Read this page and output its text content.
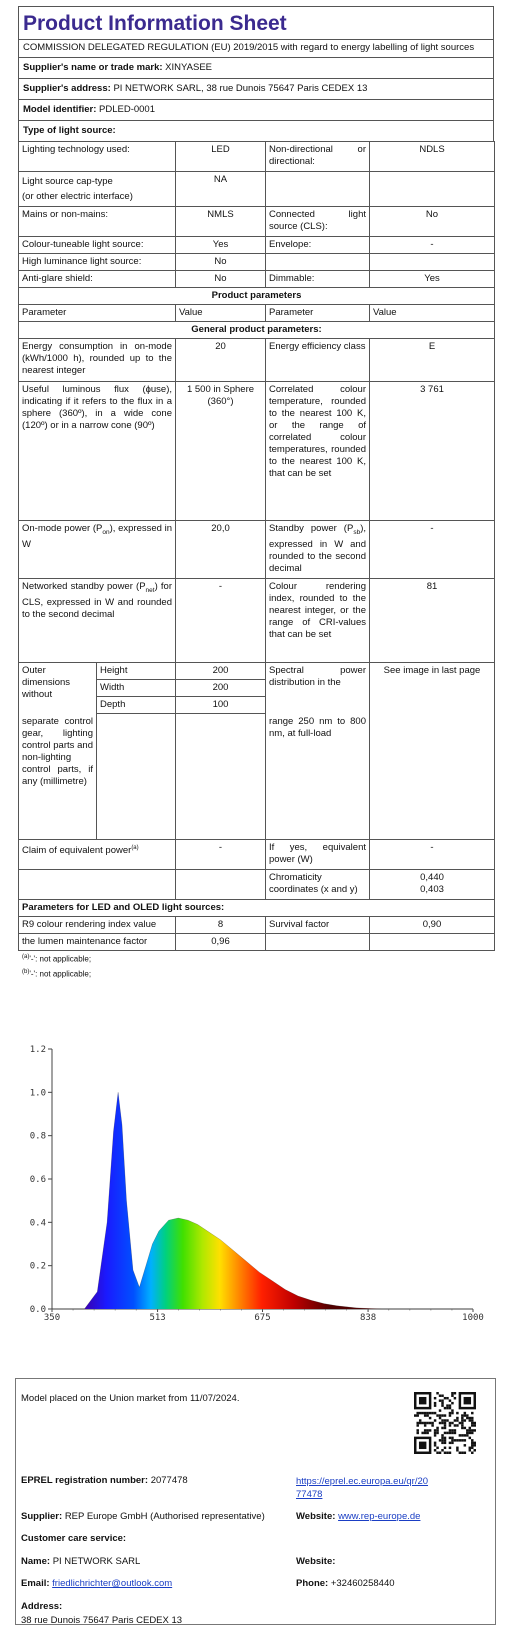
Product Information Sheet
COMMISSION DELEGATED REGULATION (EU) 2019/2015 with regard to energy labelling of light sources
Supplier's name or trade mark: XINYASEE
Supplier's address: PI NETWORK SARL, 38 rue Dunois 75647 Paris CEDEX 13
Model identifier: PDLED-0001
Type of light source:
Lighting technology used:	LED	Non-directional or directional:	NDLS
Light source cap-type
(or other electric interface)	NA		
Mains or non-mains:	NMLS	Connected light source (CLS):	No
Colour-tuneable light source:	Yes	Envelope:	-
High luminance light source:	No		
Anti-glare shield:	No	Dimmable:	Yes
Product parameters			
Parameter	Value	Parameter	Value
General product parameters:			
Energy consumption in on-mode (kWh/1000 h), rounded up to the nearest integer	20	Energy efficiency class	E
Useful luminous flux (ɸuse), indicating if it refers to the flux in a sphere (360º), in a wide cone (120º) or in a narrow cone (90º)	1 500 in Sphere (360°)	Correlated colour temperature, rounded to the nearest 100 K, or the range of correlated colour temperatures, rounded to the nearest 100 K, that can be set	3 761
On-mode power $(P_{on})$, expressed in W	20,0	Standby power $(P_{sb})$, expressed in W and rounded to the second decimal	-
Networked standby power $(P_{net})$ for CLS, expressed in W and rounded to the second decimal	-	Colour rendering index, rounded to the nearest integer, or the range of CRI-values that can be set	81
Outer dimensions without	Height	200	Spectral power distribution in the	See image in last page
	Width	200		
	Depth	100		
separate control gear, lighting control parts and non-lighting control parts, if any (millimetre)			range 250 nm to 800 nm, at full-load	
Claim of equivalent power$^{(a)}$		-	If yes, equivalent power (W)	-
			Chromaticity coordinates (x and y)	0,440
0,403

Parameters for LED and OLED light sources:				
R9 colour rendering index value		8	Survival factor	0,90
the lumen maintenance factor		0,96		
$^{(a)}$'-': not applicable;
$^{(b)}$'-': not applicable;
0.0
0.2
0.4
0.6
0.8
1.0
1.2
350	513	675	838	1000
Model placed on the Union market from 11/07/2024.
EPREL registration number: 2077478	https://eprel.ec.europa.eu/qr/20
77478
Supplier: REP Europe GmbH (Authorised representative)	Website: www.rep-europe.de
Customer care service:
Name: PI NETWORK SARL	Website:
Email: friedlichrichter@outlook.com	Phone: +32460258440
Address:
38 rue Dunois 75647 Paris CEDEX 13
